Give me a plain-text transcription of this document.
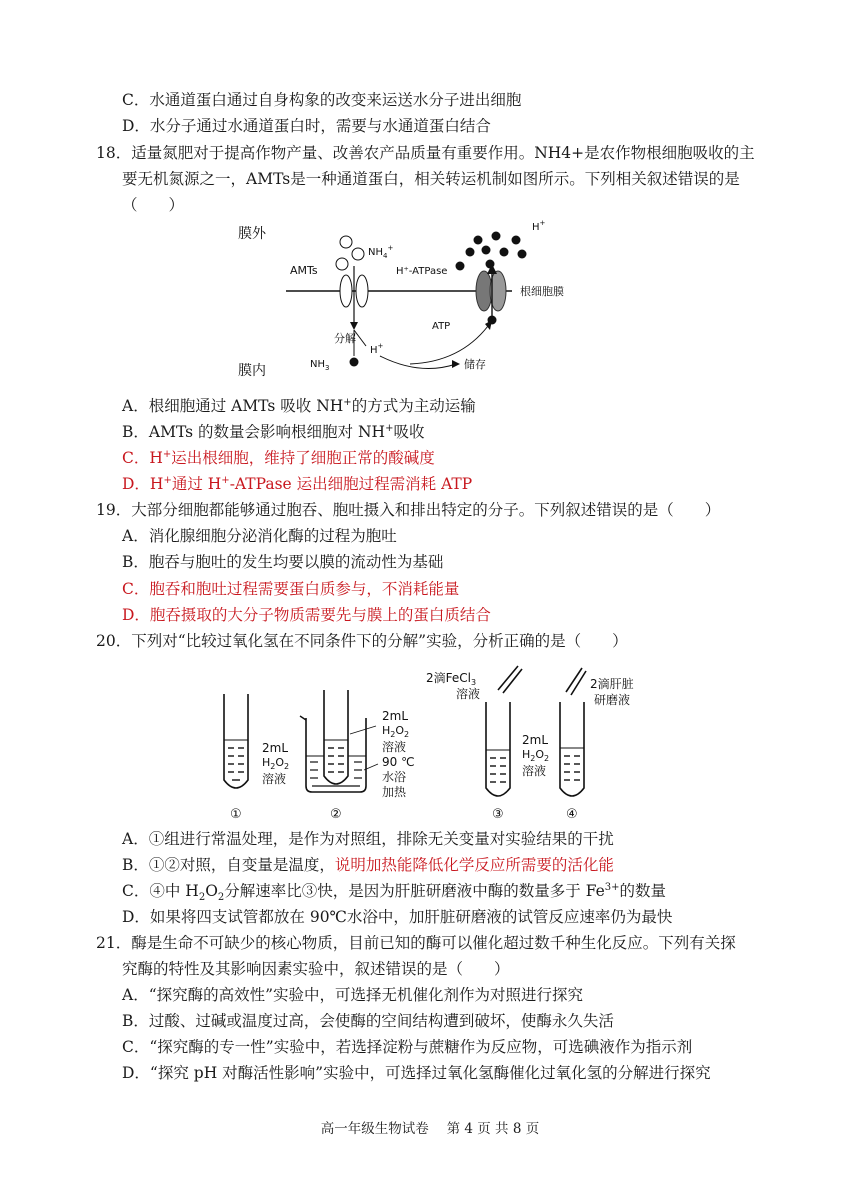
C．水通道蛋白通过自身构象的改变来运送水分子进出细胞
D．水分子通过水通道蛋白时，需要与水通道蛋白结合
18．适量氮肥对于提高作物产量、改善农产品质量有重要作用。NH4+是农作物根细胞吸收的主
要无机氮源之一，AMTs是一种通道蛋白，相关转运机制如图所示。下列相关叙述错误的是
（　　）
膜外
膜内
根细胞膜
$NH_4^+$
AMTs
分解
H+
$NH_3$
H+
H⁺-ATPase
ATP
储存
A．根细胞通过 AMTs 吸收 NH+的方式为主动运输
B．AMTs 的数量会影响根细胞对 NH+吸收
C．H+运出根细胞，维持了细胞正常的酸碱度
D．H+通过 H+-ATPase 运出细胞过程需消耗 ATP
19．大部分细胞都能够通过胞吞、胞吐摄入和排出特定的分子。下列叙述错误的是（　　）
A．消化腺细胞分泌消化酶的过程为胞吐
B．胞吞与胞吐的发生均要以膜的流动性为基础
C．胞吞和胞吐过程需要蛋白质参与，不消耗能量
D．胞吞摄取的大分子物质需要先与膜上的蛋白质结合
20．下列对“比较过氧化氢在不同条件下的分解”实验，分析正确的是（　　）
2mL
$H_2O_2$
溶液
①
2mL
$H_2O_2$
溶液
90 ℃
水浴
加热
②
2滴FeCl$_3$
溶液
2mL
$H_2O_2$
溶液
③
2滴肝脏
研磨液
④
A．①组进行常温处理，是作为对照组，排除无关变量对实验结果的干扰
B．①②对照，自变量是温度，说明加热能降低化学反应所需要的活化能
C．④中 $H_2O_2$分解速率比③快，是因为肝脏研磨液中酶的数量多于 $Fe^{3+}$的数量
D．如果将四支试管都放在 90℃水浴中，加肝脏研磨液的试管反应速率仍为最快
21．酶是生命不可缺少的核心物质，目前已知的酶可以催化超过数千种生化反应。下列有关探
究酶的特性及其影响因素实验中，叙述错误的是（　　）
A．“探究酶的高效性”实验中，可选择无机催化剂作为对照进行探究
B．过酸、过碱或温度过高，会使酶的空间结构遭到破坏，使酶永久失活
C．“探究酶的专一性”实验中，若选择淀粉与蔗糖作为反应物，可选碘液作为指示剂
D．“探究 pH 对酶活性影响”实验中，可选择过氧化氢酶催化过氧化氢的分解进行探究
高一年级生物试卷　 第 4 页 共 8 页
